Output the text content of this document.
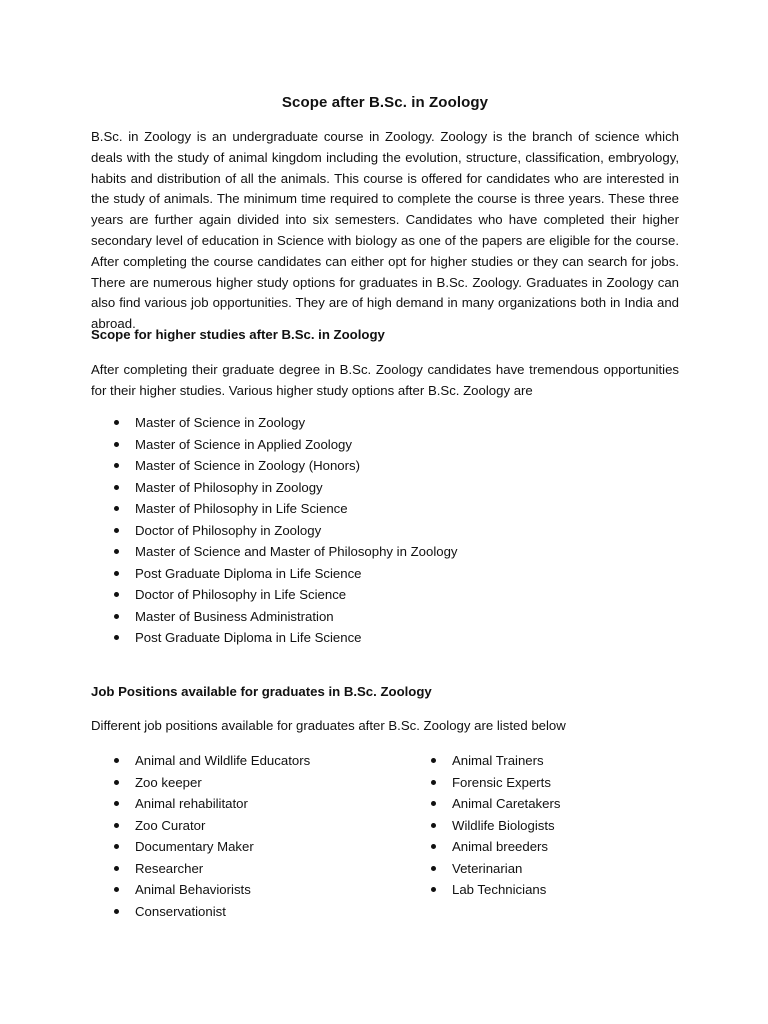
Scope after B.Sc. in Zoology
B.Sc. in Zoology is an undergraduate course in Zoology. Zoology is the branch of science which deals with the study of animal kingdom including the evolution, structure, classification, embryology, habits and distribution of all the animals. This course is offered for candidates who are interested in the study of animals. The minimum time required to complete the course is three years. These three years are further again divided into six semesters. Candidates who have completed their higher secondary level of education in Science with biology as one of the papers are eligible for the course. After completing the course candidates can either opt for higher studies or they can search for jobs. There are numerous higher study options for graduates in B.Sc. Zoology. Graduates in Zoology can also find various job opportunities. They are of high demand in many organizations both in India and abroad.
Scope for higher studies after B.Sc. in Zoology
After completing their graduate degree in B.Sc. Zoology candidates have tremendous opportunities for their higher studies. Various higher study options after B.Sc. Zoology are
Master of Science in Zoology
Master of Science in Applied Zoology
Master of Science in Zoology (Honors)
Master of Philosophy in Zoology
Master of Philosophy in Life Science
Doctor of Philosophy in Zoology
Master of Science and Master of Philosophy in Zoology
Post Graduate Diploma in Life Science
Doctor of Philosophy in Life Science
Master of Business Administration
Post Graduate Diploma in Life Science
Job Positions available for graduates in B.Sc. Zoology
Different job positions available for graduates after B.Sc. Zoology are listed below
Animal and Wildlife Educators
Zoo keeper
Animal rehabilitator
Zoo Curator
Documentary Maker
Researcher
Animal Behaviorists
Conservationist
Animal Trainers
Forensic Experts
Animal Caretakers
Wildlife Biologists
Animal breeders
Veterinarian
Lab Technicians
